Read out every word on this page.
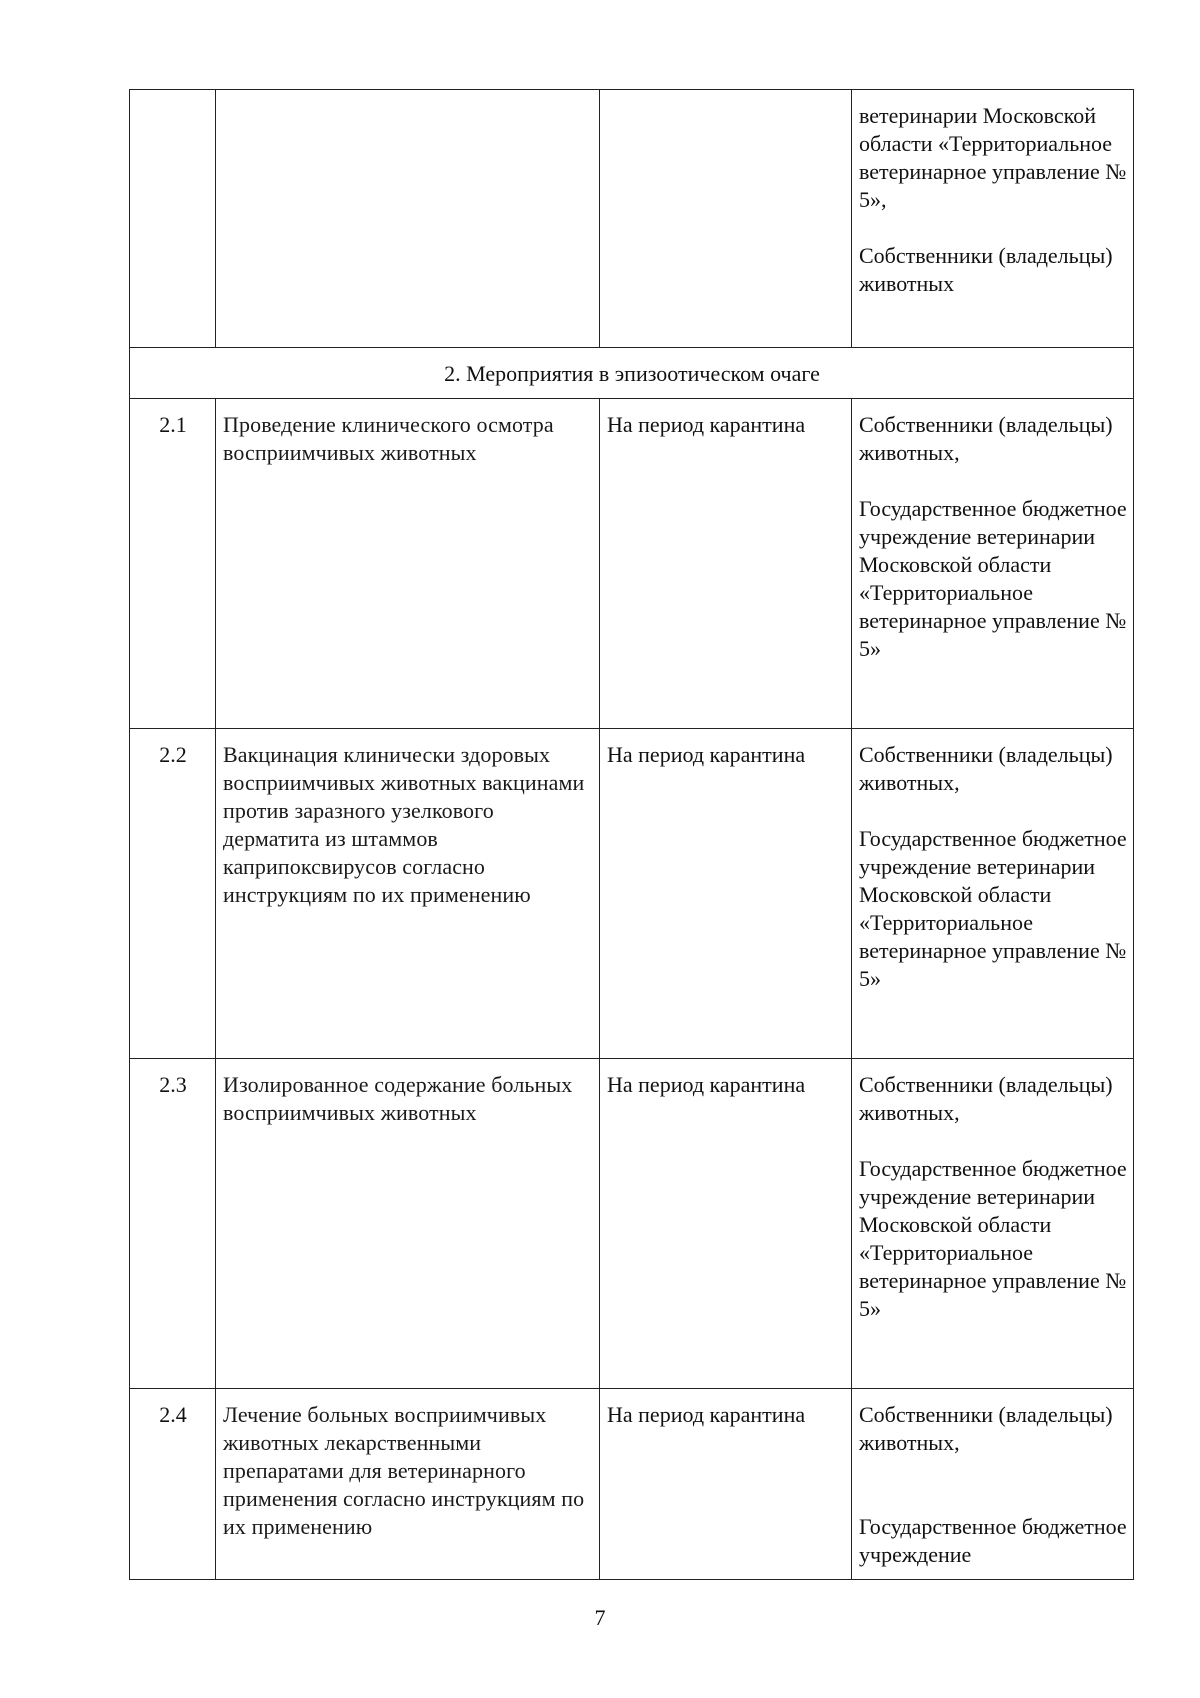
			ветеринарии Московской области «Территориальное ветеринарное управление № 5»,

Собственники (владельцы) животных

2. Мероприятия в эпизоотическом очаге			
2.1	Проведение клинического осмотра восприимчивых животных	На период карантина	Собственники (владельцы) животных,

Государственное бюджетное учреждение ветеринарии Московской области «Территориальное ветеринарное управление № 5»

2.2	Вакцинация клинически здоровых восприимчивых животных вакцинами против заразного узелкового дерматита из штаммов каприпоксвирусов согласно инструкциям по их применению	На период карантина	Собственники (владельцы) животных,

Государственное бюджетное учреждение ветеринарии Московской области «Территориальное ветеринарное управление № 5»

2.3	Изолированное содержание больных восприимчивых животных	На период карантина	Собственники (владельцы) животных,

Государственное бюджетное учреждение ветеринарии Московской области «Территориальное ветеринарное управление № 5»

2.4	Лечение больных восприимчивых животных лекарственными препаратами для ветеринарного применения согласно инструкциям по их применению	На период карантина	Собственники (владельцы) животных,

Государственное бюджетное учреждение

7
